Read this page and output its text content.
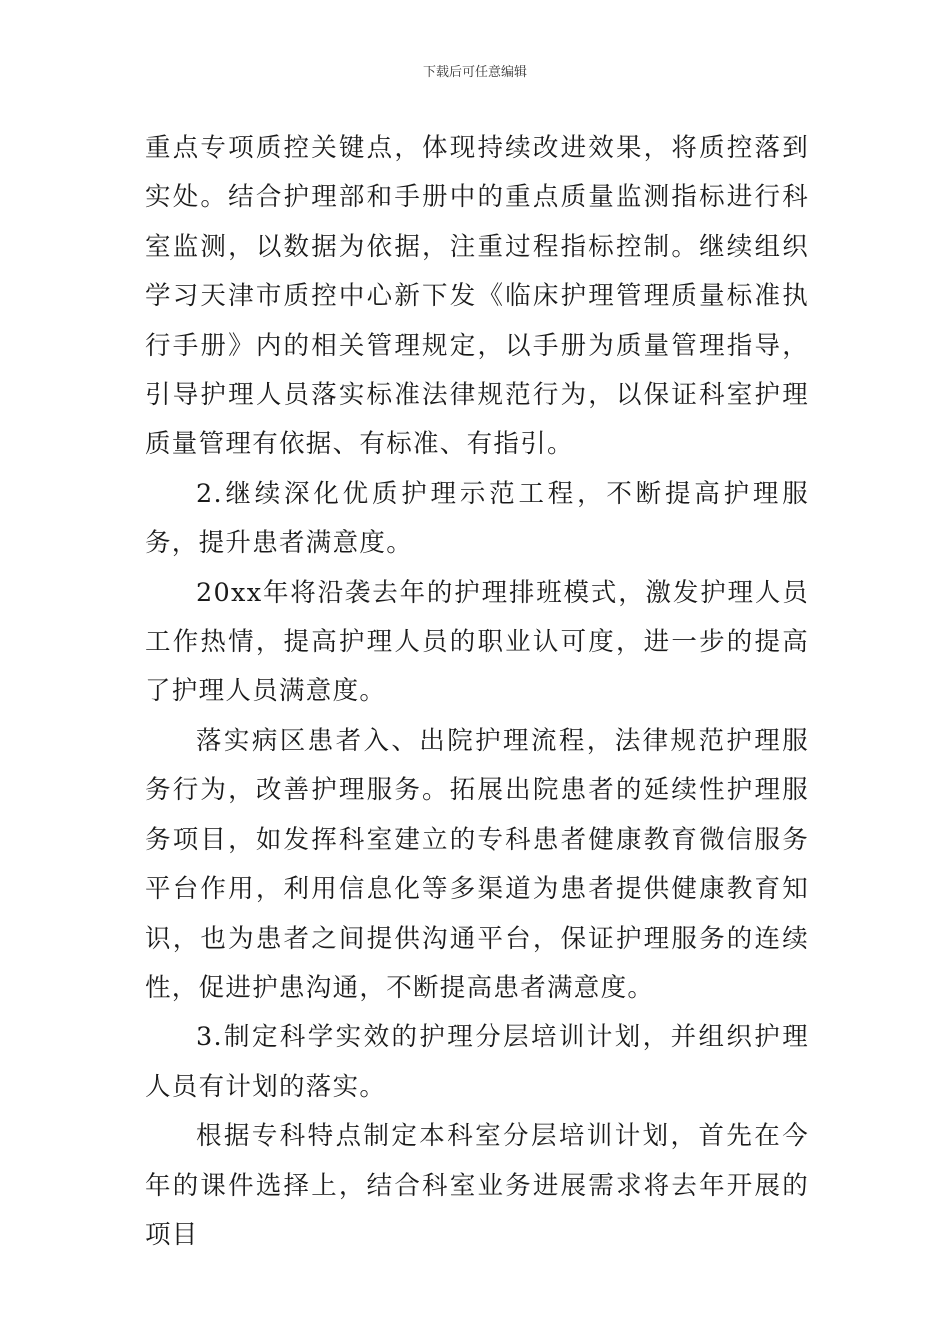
下载后可任意编辑

重点专项质控关键点，体现持续改进效果，将质控落到实处。结合护理部和手册中的重点质量监测指标进行科室监测，以数据为依据，注重过程指标控制。继续组织学习天津市质控中心新下发《临床护理管理质量标准执行手册》内的相关管理规定，以手册为质量管理指导，引导护理人员落实标准法律规范行为，以保证科室护理质量管理有依据、有标准、有指引。

2.继续深化优质护理示范工程，不断提高护理服务，提升患者满意度。

20xx年将沿袭去年的护理排班模式，激发护理人员工作热情，提高护理人员的职业认可度，进一步的提高了护理人员满意度。

落实病区患者入、出院护理流程，法律规范护理服务行为，改善护理服务。拓展出院患者的延续性护理服务项目，如发挥科室建立的专科患者健康教育微信服务平台作用，利用信息化等多渠道为患者提供健康教育知识，也为患者之间提供沟通平台，保证护理服务的连续性，促进护患沟通，不断提高患者满意度。

3.制定科学实效的护理分层培训计划，并组织护理人员有计划的落实。

根据专科特点制定本科室分层培训计划，首先在今年的课件选择上，结合科室业务进展需求将去年开展的项目
